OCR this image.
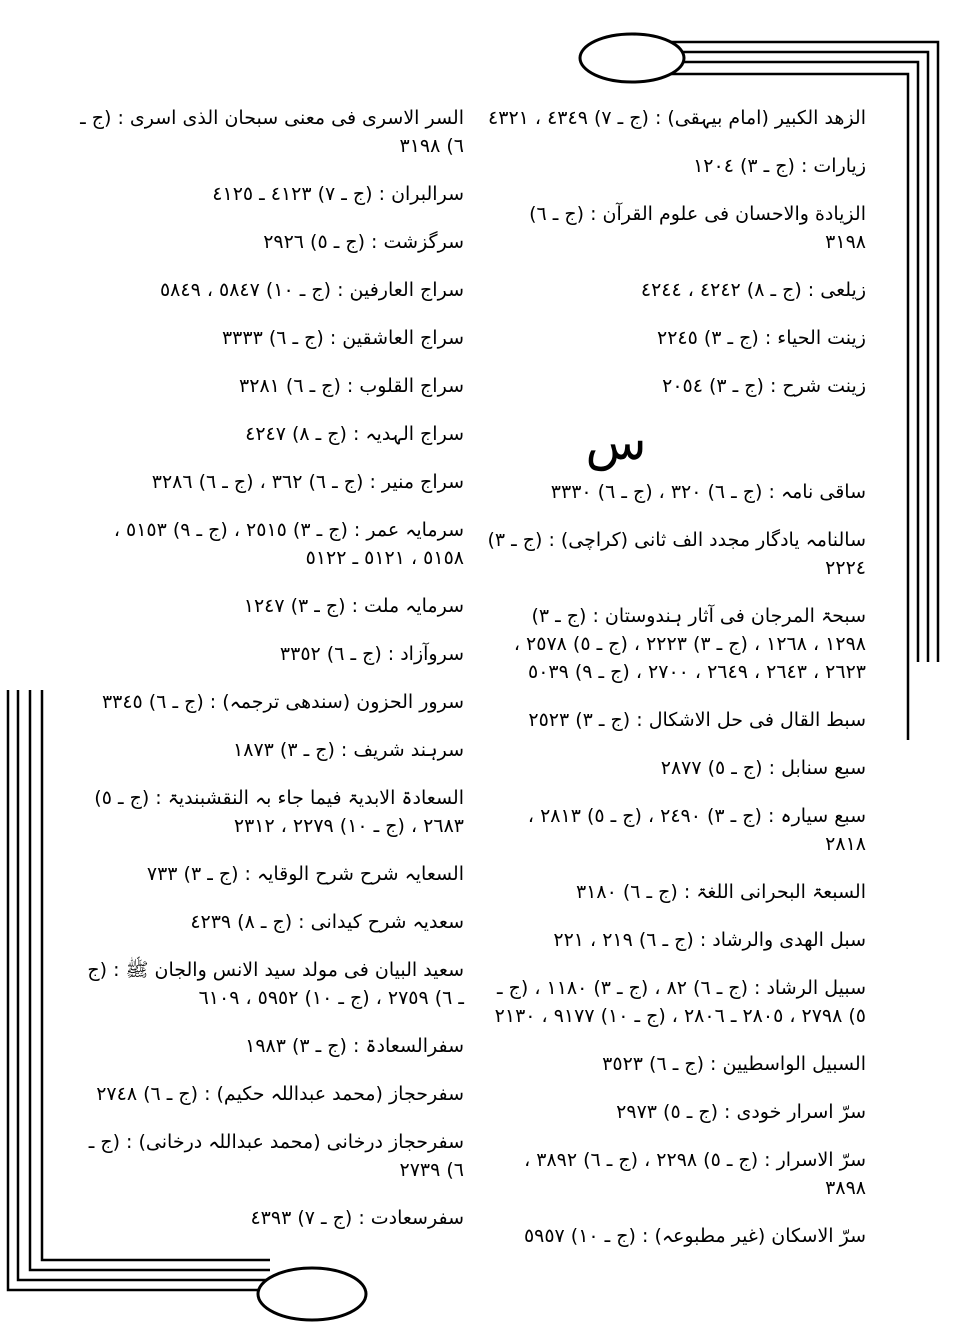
الزھد الکبیر (امام بیہقی) : (ج ـ ٧) ٤٣٤٩ ، ٤٣٢١
زیارات : (ج ـ ٣) ١٢٠٤
الزیادة والاحسان فی علوم القرآن : (ج ـ ٦) ٣١٩٨
زیلعی : (ج ـ ٨) ٤٢٤٢ ، ٤٢٤٤
زینت الحیاء : (ج ـ ٣) ٢٢٤٥
زینت شرح : (ج ـ ٣) ٢٠٥٤
س
ساقی نامہ : (ج ـ ٦) ٣٢٠ ، (ج ـ ٦) ٣٣٣٠
سالنامہ یادگار مجدد الف ثانی (کراچی) : (ج ـ ٣) ٢٢٢٤
سبحۃ المرجان فی آثار ہندوستان : (ج ـ ٣) ١٢٩٨ ، ١٢٦٨ ، (ج ـ ٣) ٢٢٢٣ ، (ج ـ ٥) ٢٥٧٨ ، ٢٦٢٣ ، ٢٦٤٣ ، ٢٦٤٩ ، ٢٧٠٠ ، (ج ـ ٩) ٥٠٣٩
سبط القال فی حل الاشکال : (ج ـ ٣) ٢٥٢٣
سبع سنابل : (ج ـ ٥) ٢٨٧٧
سبع سیارہ : (ج ـ ٣) ٢٤٩٠ ، (ج ـ ٥) ٢٨١٣ ، ٢٨١٨
السبعۃ البحرانی اللغۃ : (ج ـ ٦) ٣١٨٠
سبل الھدی والرشاد : (ج ـ ٦) ٢١٩ ، ٢٢١
سبیل الرشاد : (ج ـ ٦) ٨٢ ، (ج ـ ٣) ١١٨٠ ، (ج ـ ٥) ٢٧٩٨ ، ٢٨٠٥ ـ ٢٨٠٦ ، (ج ـ ١٠) ٩١٧٧ ، ٢١٣٠
السبیل الواسطیین : (ج ـ ٦) ٣٥٢٣
سرّ اسرار خودی : (ج ـ ٥) ٢٩٧٣
سرّ الاسرار : (ج ـ ٥) ٢٢٩٨ ، (ج ـ ٦) ٣٨٩٢ ، ٣٨٩٨
سرّ الاسکان (غیر مطبوعہ) : (ج ـ ١٠) ٥٩٥٧
السر الاسری فی معنی سبحان الذی اسری : (ج ـ ٦) ٣١٩٨
سرالبران : (ج ـ ٧) ٤١٢٣ ـ ٤١٢٥
سرگزشت : (ج ـ ٥) ٢٩٢٦
سراج العارفین : (ج ـ ١٠) ٥٨٤٧ ، ٥٨٤٩
سراج العاشقین : (ج ـ ٦) ٣٣٣٣
سراج القلوب : (ج ـ ٦) ٣٢٨١
سراج الہدیہ : (ج ـ ٨) ٤٢٤٧
سراج منیر : (ج ـ ٦) ٣٦٢ ، (ج ـ ٦) ٣٢٨٦
سرمایہ عمر : (ج ـ ٣) ٢٥١٥ ، (ج ـ ٩) ٥١٥٣ ، ٥١٥٨ ، ٥١٢١ ـ ٥١٢٢
سرمایہ ملت : (ج ـ ٣) ١٢٤٧
سروآزاد : (ج ـ ٦) ٣٣٥٢
سرور الحزون (سندھی ترجمہ) : (ج ـ ٦) ٣٣٤٥
سرہند شریف : (ج ـ ٣) ١٨٧٣
السعادۃ الابدیۃ فیما جاء بہ النقشبندیۃ : (ج ـ ٥) ٢٦٨٣ ، (ج ـ ١٠) ٢٢٧٩ ، ٢٣١٢
السعایہ شرح شرح الوقایہ : (ج ـ ٣) ٧٣٣
سعدیہ شرح کیدانی : (ج ـ ٨) ٤٢٣٩
سعید البیان فی مولد سید الانس والجان ﷺ : (ج ـ ٦) ٢٧٥٩ ، (ج ـ ١٠) ٥٩٥٢ ، ٦١٠٩
سفرالسعادۃ : (ج ـ ٣) ١٩٨٣
سفرحجاز (محمد عبداللہ حکیم) : (ج ـ ٦) ٢٧٤٨
سفرحجاز درخانی (محمد عبداللہ درخانی) : (ج ـ ٦) ٢٧٣٩
سفرسعادت : (ج ـ ٧) ٤٣٩٣
